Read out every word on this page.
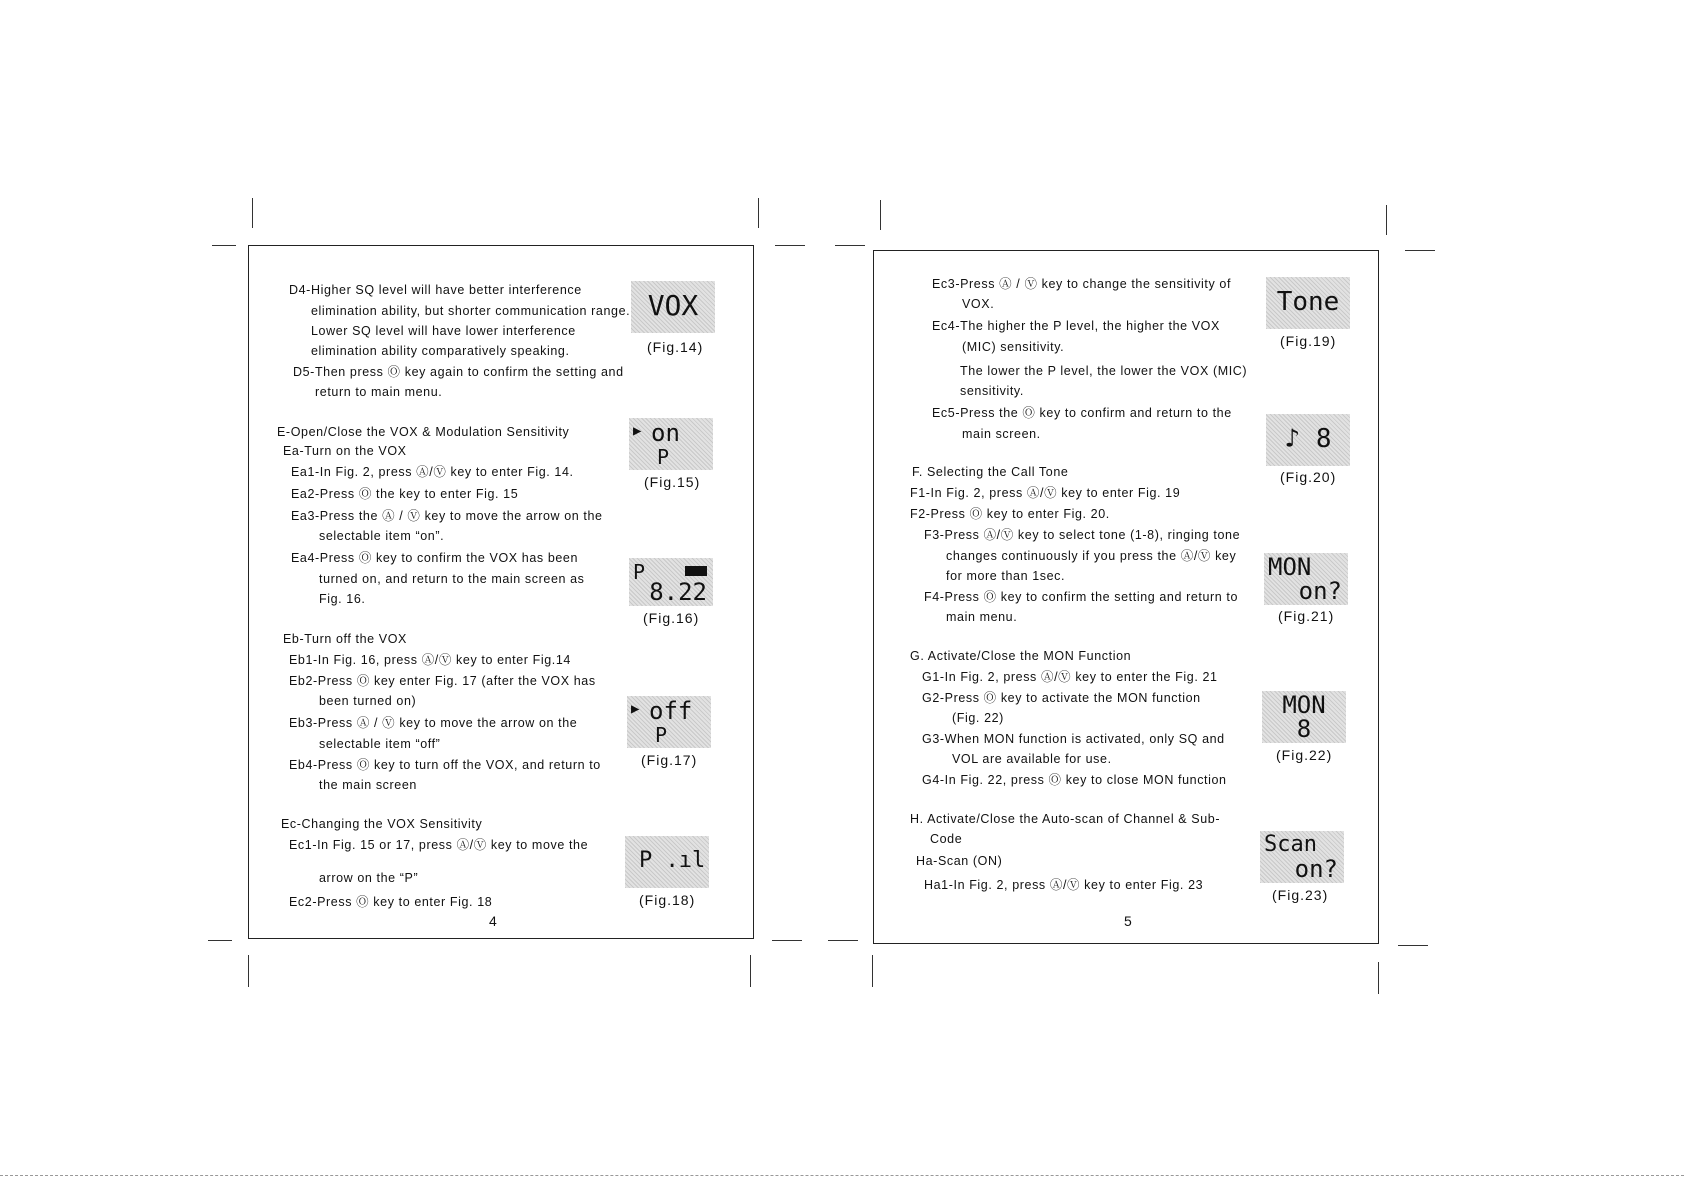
D4-Higher SQ level will have better interference
elimination ability, but shorter communication range.
Lower SQ level will have lower interference
elimination ability comparatively speaking.
D5-Then press Ⓞ key again to confirm the setting and
return to main menu.
E-Open/Close the VOX & Modulation Sensitivity
Ea-Turn on the VOX
Ea1-In Fig. 2, press Ⓐ/Ⓥ key to enter Fig. 14.
Ea2-Press Ⓞ the key to enter Fig. 15
Ea3-Press the Ⓐ / Ⓥ key to move the arrow on the
selectable item “on”.
Ea4-Press Ⓞ key to confirm the VOX has been
turned on, and return to the main screen as
Fig. 16.
Eb-Turn off the VOX
Eb1-In Fig. 16, press Ⓐ/Ⓥ key to enter Fig.14
Eb2-Press Ⓞ key enter Fig. 17 (after the VOX has
been turned on)
Eb3-Press Ⓐ / Ⓥ key to move the arrow on the
selectable item “off”
Eb4-Press Ⓞ key to turn off the VOX, and return to
the main screen
Ec-Changing the VOX Sensitivity
Ec1-In Fig. 15 or 17, press Ⓐ/Ⓥ key to move the
arrow on the “P”
Ec2-Press Ⓞ key to enter Fig. 18
4
VOX
(Fig.14)
▶ on
P
(Fig.15)
P
8.22
(Fig.16)
▶ off
P
(Fig.17)
P .ıl
(Fig.18)
Ec3-Press Ⓐ / Ⓥ key to change the sensitivity of
VOX.
Ec4-The higher the P level, the higher the VOX
(MIC) sensitivity.
The lower the P level, the lower the VOX (MIC)
sensitivity.
Ec5-Press the Ⓞ key to confirm and return to the
main screen.
F. Selecting the Call Tone
F1-In Fig. 2, press Ⓐ/Ⓥ key to enter Fig. 19
F2-Press Ⓞ key to enter Fig. 20.
F3-Press Ⓐ/Ⓥ key to select tone (1-8), ringing tone
changes continuously if you press the Ⓐ/Ⓥ key
for more than 1sec.
F4-Press Ⓞ key to confirm the setting and return to
main menu.
G. Activate/Close the MON Function
G1-In Fig. 2, press Ⓐ/Ⓥ key to enter the Fig. 21
G2-Press Ⓞ key to activate the MON function
(Fig. 22)
G3-When MON function is activated, only SQ and
VOL are available for use.
G4-In Fig. 22, press Ⓞ key to close MON function
H. Activate/Close the Auto-scan of Channel & Sub-
Code
Ha-Scan (ON)
Ha1-In Fig. 2, press Ⓐ/Ⓥ key to enter Fig. 23
5
Tone
(Fig.19)
♪ 8
(Fig.20)
MON
on?
(Fig.21)
MON
8
(Fig.22)
Scan
on?
(Fig.23)
